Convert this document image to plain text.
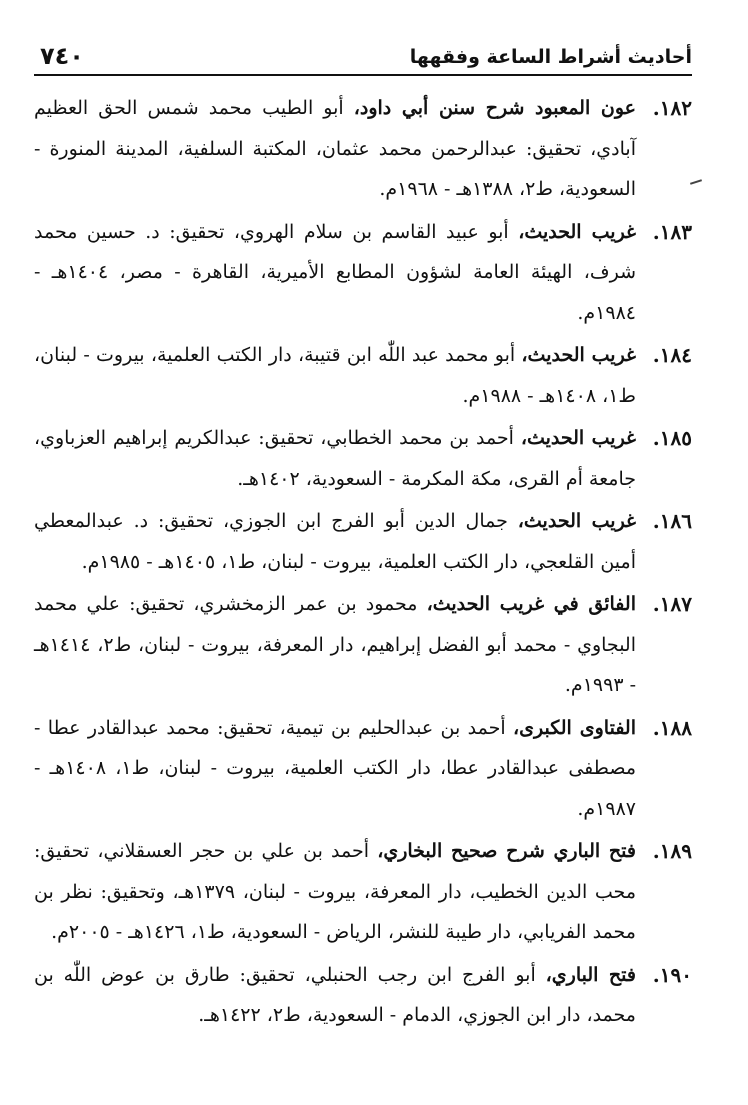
أحاديث أشراط الساعة وفقهها
٧٤٠
١٨٢.
عون المعبود شرح سنن أبي داود، أبو الطيب محمد شمس الحق العظيم آبادي، تحقيق: عبدالرحمن محمد عثمان، المكتبة السلفية، المدينة المنورة - السعودية، ط٢، ١٣٨٨هـ - ١٩٦٨م.
١٨٣.
غريب الحديث، أبو عبيد القاسم بن سلام الهروي، تحقيق: د. حسين محمد شرف، الهيئة العامة لشؤون المطابع الأميرية، القاهرة - مصر، ١٤٠٤هـ - ١٩٨٤م.
١٨٤.
غريب الحديث، أبو محمد عبد اللّٰه ابن قتيبة، دار الكتب العلمية، بيروت - لبنان، ط١، ١٤٠٨هـ - ١٩٨٨م.
١٨٥.
غريب الحديث، أحمد بن محمد الخطابي، تحقيق: عبدالكريم إبراهيم العزباوي، جامعة أم القرى، مكة المكرمة - السعودية، ١٤٠٢هـ.
١٨٦.
غريب الحديث، جمال الدين أبو الفرج ابن الجوزي، تحقيق: د. عبدالمعطي أمين القلعجي، دار الكتب العلمية، بيروت - لبنان، ط١، ١٤٠٥هـ - ١٩٨٥م.
١٨٧.
الفائق في غريب الحديث، محمود بن عمر الزمخشري، تحقيق: علي محمد البجاوي - محمد أبو الفضل إبراهيم، دار المعرفة، بيروت - لبنان، ط٢، ١٤١٤هـ - ١٩٩٣م.
١٨٨.
الفتاوى الكبرى، أحمد بن عبدالحليم بن تيمية، تحقيق: محمد عبدالقادر عطا - مصطفى عبدالقادر عطا، دار الكتب العلمية، بيروت - لبنان، ط١، ١٤٠٨هـ - ١٩٨٧م.
١٨٩.
فتح الباري شرح صحيح البخاري، أحمد بن علي بن حجر العسقلاني، تحقيق: محب الدين الخطيب، دار المعرفة، بيروت - لبنان، ١٣٧٩هـ، وتحقيق: نظر بن محمد الفريابي، دار طيبة للنشر، الرياض - السعودية، ط١، ١٤٢٦هـ - ٢٠٠٥م.
١٩٠.
فتح الباري، أبو الفرج ابن رجب الحنبلي، تحقيق: طارق بن عوض اللّٰه بن محمد، دار ابن الجوزي، الدمام - السعودية، ط٢، ١٤٢٢هـ.
